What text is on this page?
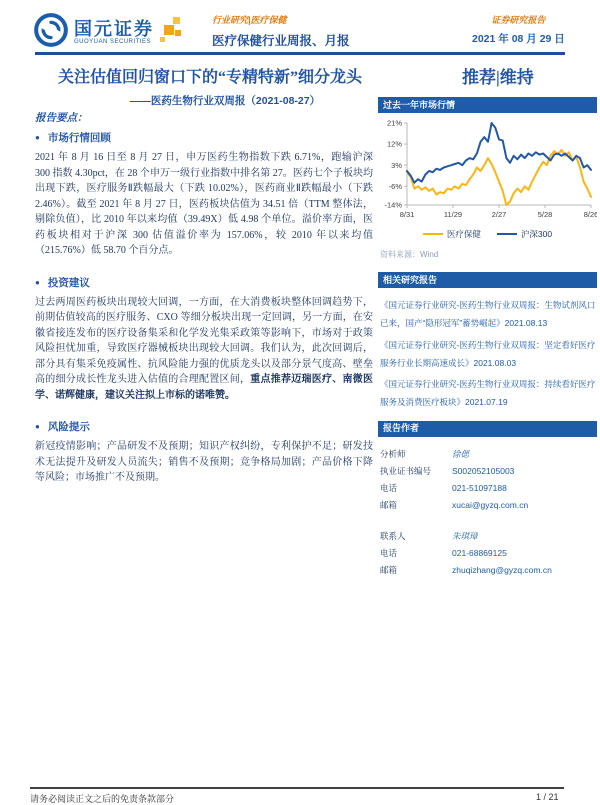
国元证券
GUOYUAN SECURITIES
行业研究|医疗保健
医疗保健行业周报、月报
证券研究报告
2021 年 08 月 29 日
关注估值回归窗口下的“专精特新”细分龙头	推荐|维持
——医药生物行业双周报（2021-08-27）
报告要点：
● 市场行情回顾

2021 年 8 月 16 日至 8 月 27 日，申万医药生物指数下跌 6.71%，跑输沪深 300 指数 4.30pct，在 28 个申万一级行业指数中排名第 27。医药七个子板块均出现下跌，医疗服务Ⅱ跌幅最大（下跌 10.02%），医药商业Ⅱ跌幅最小（下跌 2.46%）。截至 2021 年 8 月 27 日，医药板块估值为 34.51 倍（TTM 整体法，剔除负值），比 2010 年以来均值（39.49X）低 4.98 个单位。溢价率方面，医药板块相对于沪深 300 估值溢价率为 157.06%，较 2010 年以来均值（215.76%）低 58.70 个百分点。

● 投资建议

过去两周医药板块出现较大回调，一方面，在大消费板块整体回调趋势下，前期估值较高的医疗服务、CXO 等细分板块出现一定回调，另一方面，在安徽省接连发布的医疗设备集采和化学发光集采政策等影响下，市场对于政策风险担忧加重，导致医疗器械板块出现较大回调。我们认为，此次回调后，部分具有集采免疫属性、抗风险能力强的优质龙头以及部分景气度高、壁垒高的细分成长性龙头进入估值的合理配置区间，重点推荐迈瑞医疗、南微医学、诺辉健康，建议关注拟上市标的诺唯赞。

● 风险提示

新冠疫情影响；产品研发不及预期；知识产权纠纷，专利保护不足；研发技术无法提升及研发人员流失；销售不及预期；竞争格局加剧；产品价格下降等风险；市场推广不及预期。

过去一年市场行情
21%
12%
3%
-6%
-14%
8/31	11/29	2/27	5/28	8/26
医疗保健	沪深300
资料来源：Wind
相关研究报告
《国元证券行业研究-医药生物行业双周报：生物试剂风口已来，国产“隐形冠军”蓄势崛起》2021.08.13
《国元证券行业研究-医药生物行业双周报：坚定看好医疗服务行业长期高速成长》2021.08.03
《国元证券行业研究-医药生物行业双周报：持续看好医疗服务及消费医疗板块》2021.07.19
报告作者
分析师	徐偲
执业证书编号	S002052105003
电话	021-51097188
邮箱	xucai@gyzq.com.cn
联系人	朱琪璋
电话	021-68869125
邮箱	zhuqizhang@gyzq.com.cn
请务必阅读正文之后的免责条款部分	1 / 21
